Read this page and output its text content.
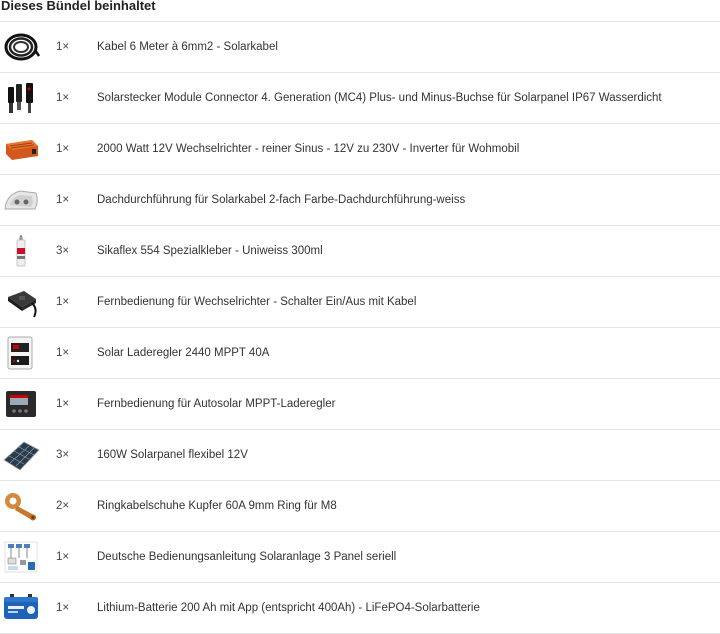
Dieses Bündel beinhaltet
1× Kabel 6 Meter à 6mm2 - Solarkabel
1× Solarstecker Module Connector 4. Generation (MC4) Plus- und Minus-Buchse für Solarpanel IP67 Wasserdicht
1× 2000 Watt 12V Wechselrichter - reiner Sinus - 12V zu 230V - Inverter für Wohmobil
1× Dachdurchführung für Solarkabel 2-fach Farbe-Dachdurchführung-weiss
3× Sikaflex 554 Spezialkleber - Uniweiss 300ml
1× Fernbedienung für Wechselrichter - Schalter Ein/Aus mit Kabel
1× Solar Laderegler 2440 MPPT 40A
1× Fernbedienung für Autosolar MPPT-Laderegler
3× 160W Solarpanel flexibel 12V
2× Ringkabelschuhe Kupfer 60A 9mm Ring für M8
1× Deutsche Bedienungsanleitung Solaranlage 3 Panel seriell
1× Lithium-Batterie 200 Ah mit App (entspricht 400Ah) - LiFePO4-Solarbatterie
